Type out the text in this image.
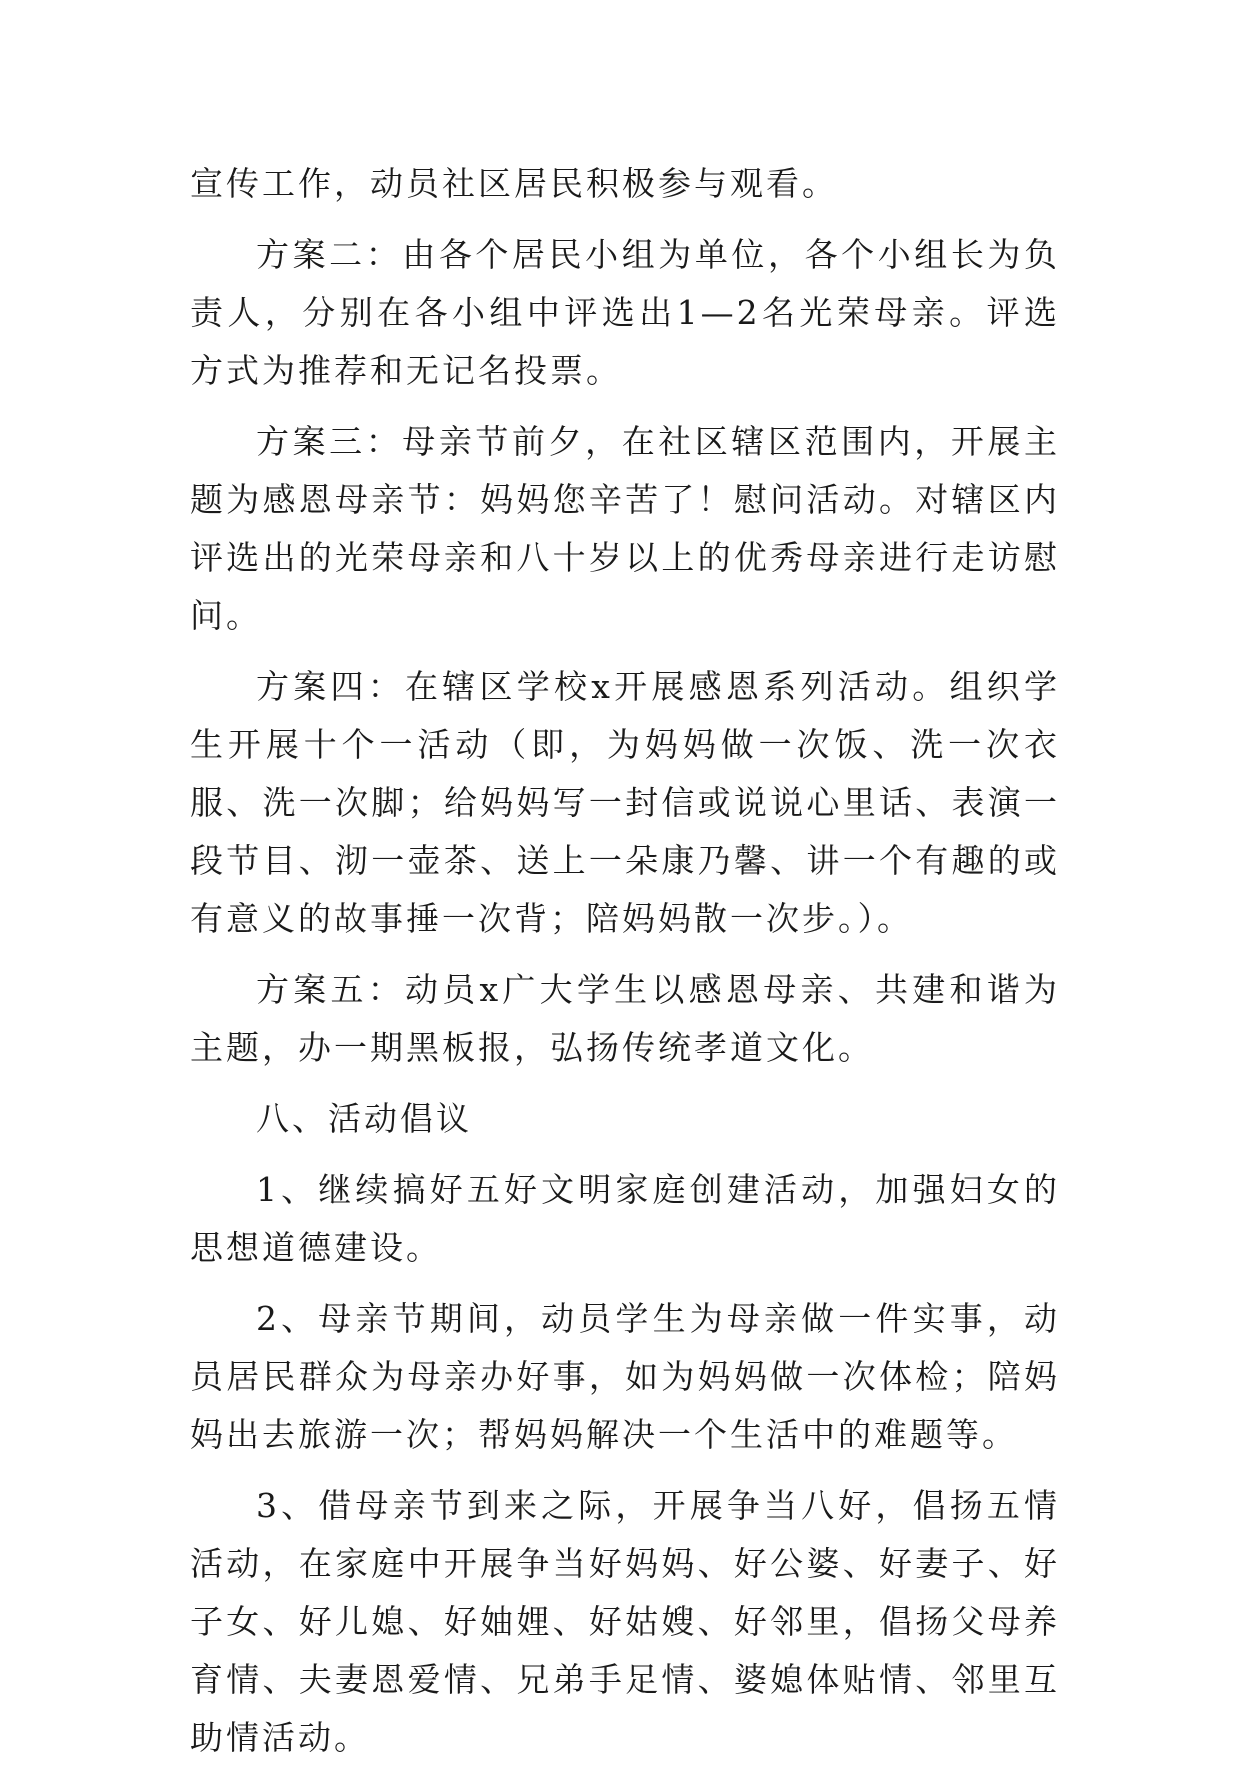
宣传工作，动员社区居民积极参与观看。

方案二：由各个居民小组为单位，各个小组长为负责人，分别在各小组中评选出1—2名光荣母亲。评选方式为推荐和无记名投票。

方案三：母亲节前夕，在社区辖区范围内，开展主题为感恩母亲节：妈妈您辛苦了！慰问活动。对辖区内评选出的光荣母亲和八十岁以上的优秀母亲进行走访慰问。

方案四：在辖区学校x开展感恩系列活动。组织学生开展十个一活动（即，为妈妈做一次饭、洗一次衣服、洗一次脚；给妈妈写一封信或说说心里话、表演一段节目、沏一壶茶、送上一朵康乃馨、讲一个有趣的或有意义的故事捶一次背；陪妈妈散一次步。）。

方案五：动员x广大学生以感恩母亲、共建和谐为主题，办一期黑板报，弘扬传统孝道文化。

八、活动倡议

1、继续搞好五好文明家庭创建活动，加强妇女的思想道德建设。

2、母亲节期间，动员学生为母亲做一件实事，动员居民群众为母亲办好事，如为妈妈做一次体检；陪妈妈出去旅游一次；帮妈妈解决一个生活中的难题等。

3、借母亲节到来之际，开展争当八好，倡扬五情活动，在家庭中开展争当好妈妈、好公婆、好妻子、好子女、好儿媳、好妯娌、好姑嫂、好邻里，倡扬父母养育情、夫妻恩爱情、兄弟手足情、婆媳体贴情、邻里互助情活动。
